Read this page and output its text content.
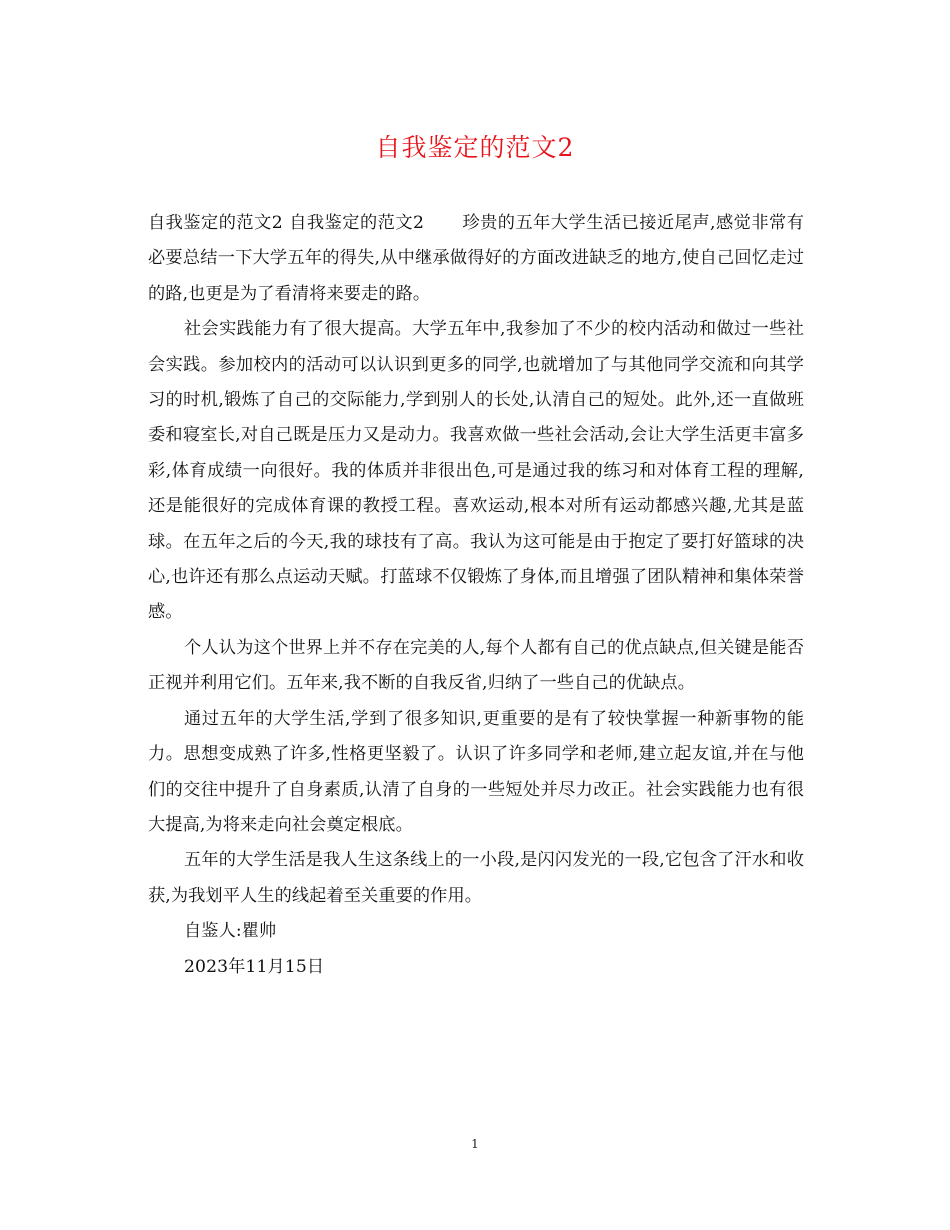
自我鉴定的范文2

自我鉴定的范文2 自我鉴定的范文2 珍贵的五年大学生活已接近尾声,感觉非常有必要总结一下大学五年的得失,从中继承做得好的方面改进缺乏的地方,使自己回忆走过的路,也更是为了看清将来要走的路。

社会实践能力有了很大提高。大学五年中,我参加了不少的校内活动和做过一些社会实践。参加校内的活动可以认识到更多的同学,也就增加了与其他同学交流和向其学习的时机,锻炼了自己的交际能力,学到别人的长处,认清自己的短处。此外,还一直做班委和寝室长,对自己既是压力又是动力。我喜欢做一些社会活动,会让大学生活更丰富多彩,体育成绩一向很好。我的体质并非很出色,可是通过我的练习和对体育工程的理解,还是能很好的完成体育课的教授工程。喜欢运动,根本对所有运动都感兴趣,尤其是蓝球。在五年之后的今天,我的球技有了高。我认为这可能是由于抱定了要打好篮球的决心,也许还有那么点运动天赋。打蓝球不仅锻炼了身体,而且增强了团队精神和集体荣誉感。

个人认为这个世界上并不存在完美的人,每个人都有自己的优点缺点,但关键是能否正视并利用它们。五年来,我不断的自我反省,归纳了一些自己的优缺点。

通过五年的大学生活,学到了很多知识,更重要的是有了较快掌握一种新事物的能力。思想变成熟了许多,性格更坚毅了。认识了许多同学和老师,建立起友谊,并在与他们的交往中提升了自身素质,认清了自身的一些短处并尽力改正。社会实践能力也有很大提高,为将来走向社会奠定根底。

五年的大学生活是我人生这条线上的一小段,是闪闪发光的一段,它包含了汗水和收获,为我划平人生的线起着至关重要的作用。

自鉴人:瞿帅

2023年11月15日

1
